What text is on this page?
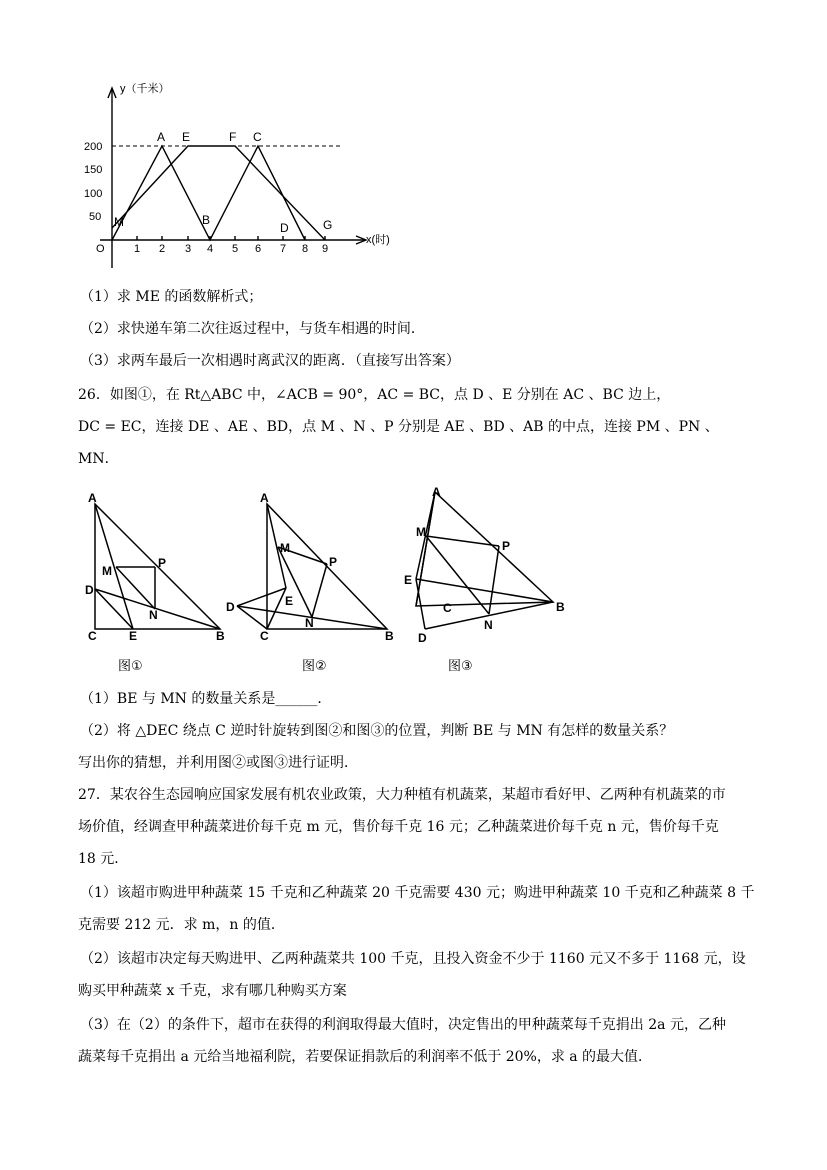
y（千米）
x(时)
O
200
150
100
50
1 2 3 4 5 6 7 8 9
A E	F C
M	B
D	G
（1）求 ME 的函数解析式；
（2）求快递车第二次往返过程中，与货车相遇的时间．
（3）求两车最后一次相遇时离武汉的距离．（直接写出答案）
26．如图①，在 Rt△ABC 中，∠ACB = 90°，AC = BC，点 D 、E 分别在 AC 、BC 边上，
DC = EC，连接 DE 、AE 、BD，点 M 、N 、P 分别是 AE 、BD 、AB 的中点，连接 PM 、PN 、
MN．
A
M
P
D
N
C	E	B
A
M
P
E
D
N
C	B
A
M
P
E
C	B
N
D
图①	图②	图③
（1）BE 与 MN 的数量关系是______．
（2）将 △DEC 绕点 C 逆时针旋转到图②和图③的位置，判断 BE 与 MN 有怎样的数量关系？
写出你的猜想，并利用图②或图③进行证明．
27．某农谷生态园响应国家发展有机农业政策，大力种植有机蔬菜，某超市看好甲、乙两种有机蔬菜的市
场价值，经调查甲种蔬菜进价每千克 m 元，售价每千克 16 元；乙种蔬菜进价每千克 n 元，售价每千克
18 元．
（1）该超市购进甲种蔬菜 15 千克和乙种蔬菜 20 千克需要 430 元；购进甲种蔬菜 10 千克和乙种蔬菜 8 千
克需要 212 元．求 m，n 的值．
（2）该超市决定每天购进甲、乙两种蔬菜共 100 千克，且投入资金不少于 1160 元又不多于 1168 元，设
购买甲种蔬菜 x 千克，求有哪几种购买方案
（3）在（2）的条件下，超市在获得的利润取得最大值时，决定售出的甲种蔬菜每千克捐出 2a 元，乙种
蔬菜每千克捐出 a 元给当地福利院，若要保证捐款后的利润率不低于 20%，求 a 的最大值．
